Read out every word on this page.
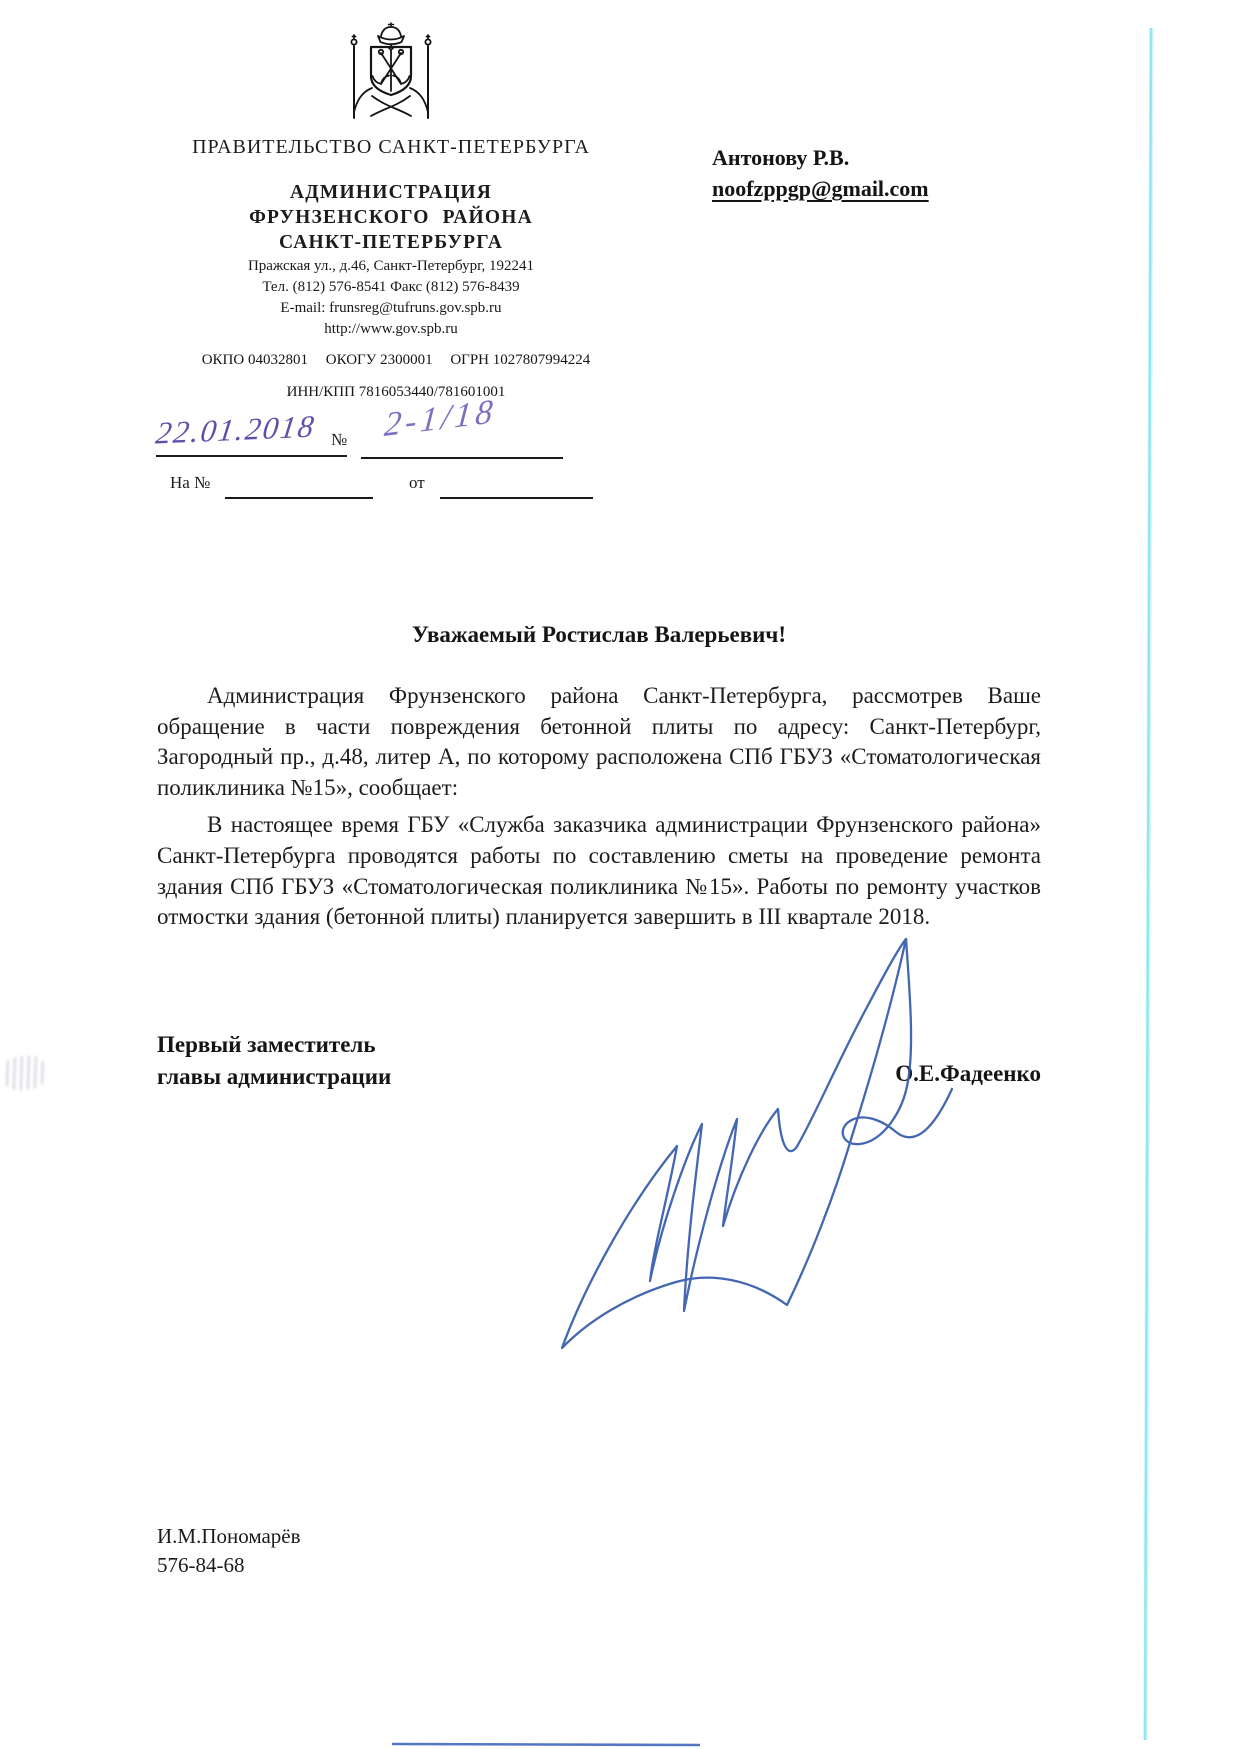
ПРАВИТЕЛЬСТВО САНКТ-ПЕТЕРБУРГА
АДМИНИСТРАЦИЯ
ФРУНЗЕНСКОГО РАЙОНА
САНКТ-ПЕТЕРБУРГА
Пражская ул., д.46, Санкт-Петербург, 192241
Тел. (812) 576-8541 Факс (812) 576-8439
E-mail: frunsreg@tufruns.gov.spb.ru
http://www.gov.spb.ru
ОКПО 04032801 ОКОГУ 2300001 ОГРН 1027807994224
ИНН/КПП 7816053440/781601001
22.01.2018 № 2-1/18
На №	от
Антонову Р.В.
noofzppgp@gmail.com
Уважаемый Ростислав Валерьевич!

Администрация Фрунзенского района Санкт-Петербурга, рассмотрев Ваше обращение в части повреждения бетонной плиты по адресу: Санкт-Петербург, Загородный пр., д.48, литер А, по которому расположена СПб ГБУЗ «Стоматологическая поликлиника №15», сообщает:

В настоящее время ГБУ «Служба заказчика администрации Фрунзенского района» Санкт-Петербурга проводятся работы по составлению сметы на проведение ремонта здания СПб ГБУЗ «Стоматологическая поликлиника №15». Работы по ремонту участков отмостки здания (бетонной плиты) планируется завершить в III квартале 2018.

Первый заместитель
главы администрации	О.Е.Фадеенко
И.М.Пономарёв
576-84-68
